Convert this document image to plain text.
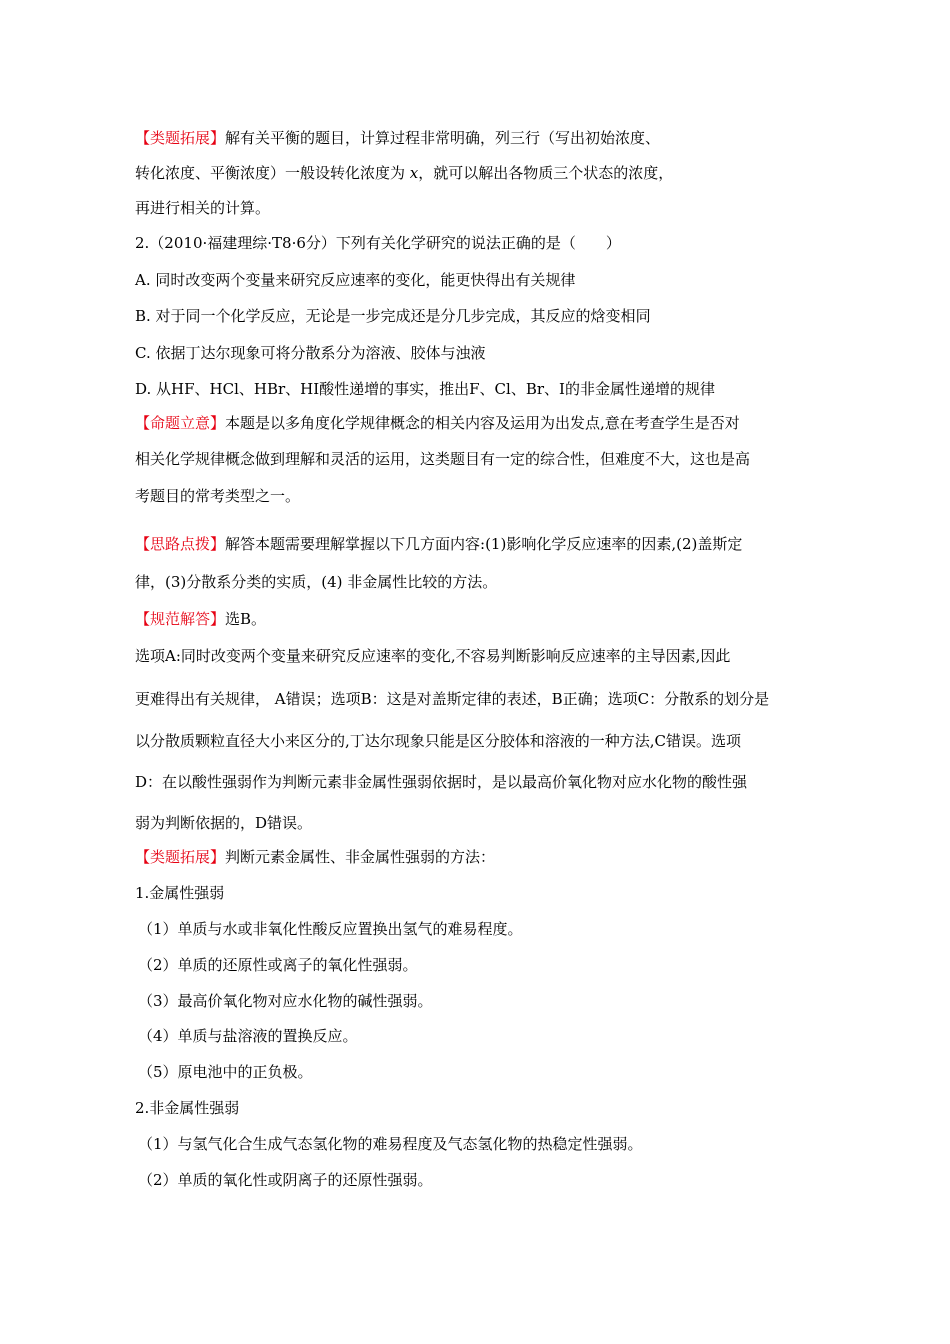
【类题拓展】解有关平衡的题目，计算过程非常明确，列三行（写出初始浓度、
转化浓度、平衡浓度）一般设转化浓度为 x，就可以解出各物质三个状态的浓度，
再进行相关的计算。
2.（2010·福建理综·T8·6分）下列有关化学研究的说法正确的是（　　）
A. 同时改变两个变量来研究反应速率的变化，能更快得出有关规律
B. 对于同一个化学反应，无论是一步完成还是分几步完成，其反应的焓变相同
C. 依据丁达尔现象可将分散系分为溶液、胶体与浊液
D. 从HF、HCl、HBr、HI酸性递增的事实，推出F、Cl、Br、I的非金属性递增的规律
【命题立意】本题是以多角度化学规律概念的相关内容及运用为出发点,意在考查学生是否对
相关化学规律概念做到理解和灵活的运用，这类题目有一定的综合性，但难度不大，这也是高
考题目的常考类型之一。
【思路点拨】解答本题需要理解掌握以下几方面内容:(1)影响化学反应速率的因素,(2)盖斯定
律，(3)分散系分类的实质，(4) 非金属性比较的方法。
【规范解答】选B。
选项A:同时改变两个变量来研究反应速率的变化,不容易判断影响反应速率的主导因素,因此
更难得出有关规律， A错误；选项B：这是对盖斯定律的表述，B正确；选项C：分散系的划分是
以分散质颗粒直径大小来区分的,丁达尔现象只能是区分胶体和溶液的一种方法,C错误。选项
D：在以酸性强弱作为判断元素非金属性强弱依据时，是以最高价氧化物对应水化物的酸性强
弱为判断依据的，D错误。
【类题拓展】判断元素金属性、非金属性强弱的方法：
1.金属性强弱
（1）单质与水或非氧化性酸反应置换出氢气的难易程度。
（2）单质的还原性或离子的氧化性强弱。
（3）最高价氧化物对应水化物的碱性强弱。
（4）单质与盐溶液的置换反应。
（5）原电池中的正负极。
2.非金属性强弱
（1）与氢气化合生成气态氢化物的难易程度及气态氢化物的热稳定性强弱。
（2）单质的氧化性或阴离子的还原性强弱。
